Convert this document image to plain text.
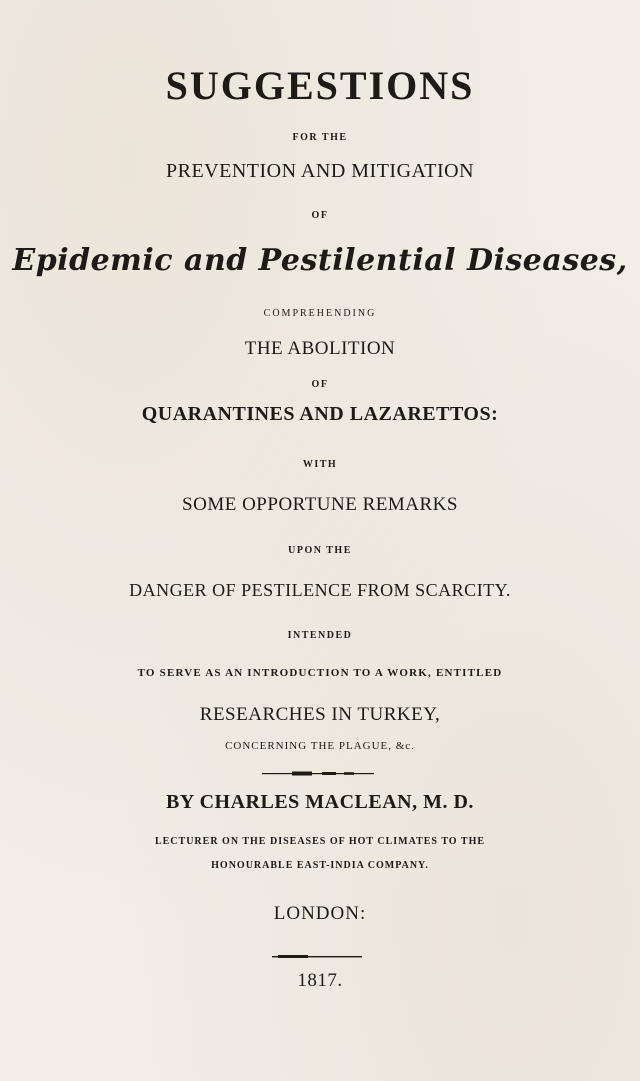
SUGGESTIONS

FOR THE

PREVENTION AND MITIGATION

OF

Epidemic and Pestilential Diseases,

COMPREHENDING

THE ABOLITION

OF

QUARANTINES AND LAZARETTOS:

WITH

SOME OPPORTUNE REMARKS

UPON THE

DANGER OF PESTILENCE FROM SCARCITY.

INTENDED

TO SERVE AS AN INTRODUCTION TO A WORK, ENTITLED

RESEARCHES IN TURKEY,

CONCERNING THE PLAGUE, &c.

BY CHARLES MACLEAN, M. D.

LECTURER ON THE DISEASES OF HOT CLIMATES TO THE

HONOURABLE EAST-INDIA COMPANY.

LONDON:

1817.
